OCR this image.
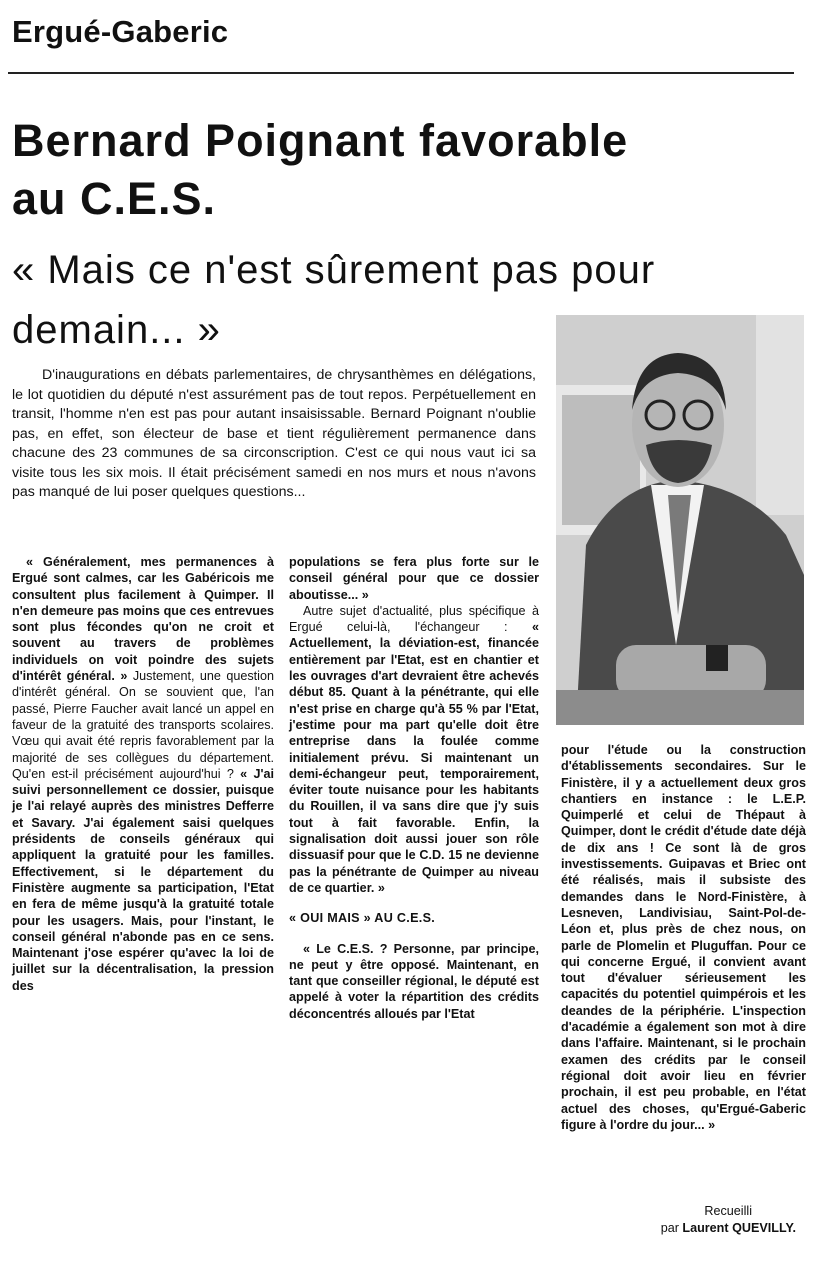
Ergué-Gaberic
Bernard Poignant favorable au C.E.S.
« Mais ce n'est sûrement pas pour demain... »

D'inaugurations en débats parlementaires, de chrysanthèmes en délégations, le lot quotidien du député n'est assurément pas de tout repos. Perpétuellement en transit, l'homme n'en est pas pour autant insaisissable. Bernard Poignant n'oublie pas, en effet, son électeur de base et tient régulièrement permanence dans chacune des 23 communes de sa circonscription. C'est ce qui nous vaut ici sa visite tous les six mois. Il était précisément samedi en nos murs et nous n'avons pas manqué de lui poser quelques questions...

« Généralement, mes permanences à Ergué sont calmes, car les Gabéricois me consultent plus facilement à Quimper. Il n'en demeure pas moins que ces entrevues sont plus fécondes qu'on ne croit et souvent au travers de problèmes individuels on voit poindre des sujets d'intérêt général. » Justement, une question d'intérêt général. On se souvient que, l'an passé, Pierre Faucher avait lancé un appel en faveur de la gratuité des transports scolaires. Vœu qui avait été repris favorablement par la majorité de ses collègues du département. Qu'en est-il précisément aujourd'hui ? « J'ai suivi personnellement ce dossier, puisque je l'ai relayé auprès des ministres Defferre et Savary. J'ai également saisi quelques présidents de conseils généraux qui appliquent la gratuité pour les familles. Effectivement, si le département du Finistère augmente sa participation, l'Etat en fera de même jusqu'à la gratuité totale pour les usagers. Mais, pour l'instant, le conseil général n'abonde pas en ce sens. Maintenant j'ose espérer qu'avec la loi de juillet sur la décentralisation, la pression des

populations se fera plus forte sur le conseil général pour que ce dossier aboutisse... »

Autre sujet d'actualité, plus spécifique à Ergué celui-là, l'échangeur : « Actuellement, la déviation-est, financée entièrement par l'Etat, est en chantier et les ouvrages d'art devraient être achevés début 85. Quant à la pénétrante, qui elle n'est prise en charge qu'à 55 % par l'Etat, j'estime pour ma part qu'elle doit être entreprise dans la foulée comme initialement prévu. Si maintenant un demi-échangeur peut, temporairement, éviter toute nuisance pour les habitants du Rouillen, il va sans dire que j'y suis tout à fait favorable. Enfin, la signalisation doit aussi jouer son rôle dissuasif pour que le C.D. 15 ne devienne pas la pénétrante de Quimper au niveau de ce quartier. »

« OUI MAIS » AU C.E.S.

« Le C.E.S. ? Personne, par principe, ne peut y être opposé. Maintenant, en tant que conseiller régional, le député est appelé à voter la répartition des crédits déconcentrés alloués par l'Etat

pour l'étude ou la construction d'établissements secondaires. Sur le Finistère, il y a actuellement deux gros chantiers en instance : le L.E.P. Quimperlé et celui de Thépaut à Quimper, dont le crédit d'étude date déjà de dix ans ! Ce sont là de gros investissements. Guipavas et Briec ont été réalisés, mais il subsiste des demandes dans le Nord-Finistère, à Lesneven, Landivisiau, Saint-Pol-de-Léon et, plus près de chez nous, on parle de Plomelin et Pluguffan. Pour ce qui concerne Ergué, il convient avant tout d'évaluer sérieusement les capacités du potentiel quimpérois et les deandes de la périphérie. L'inspection d'académie a également son mot à dire dans l'affaire. Maintenant, si le prochain examen des crédits par le conseil régional doit avoir lieu en février prochain, il est peu probable, en l'état actuel des choses, qu'Ergué-Gaberic figure à l'ordre du jour... »

Recueilli
par Laurent QUEVILLY.
